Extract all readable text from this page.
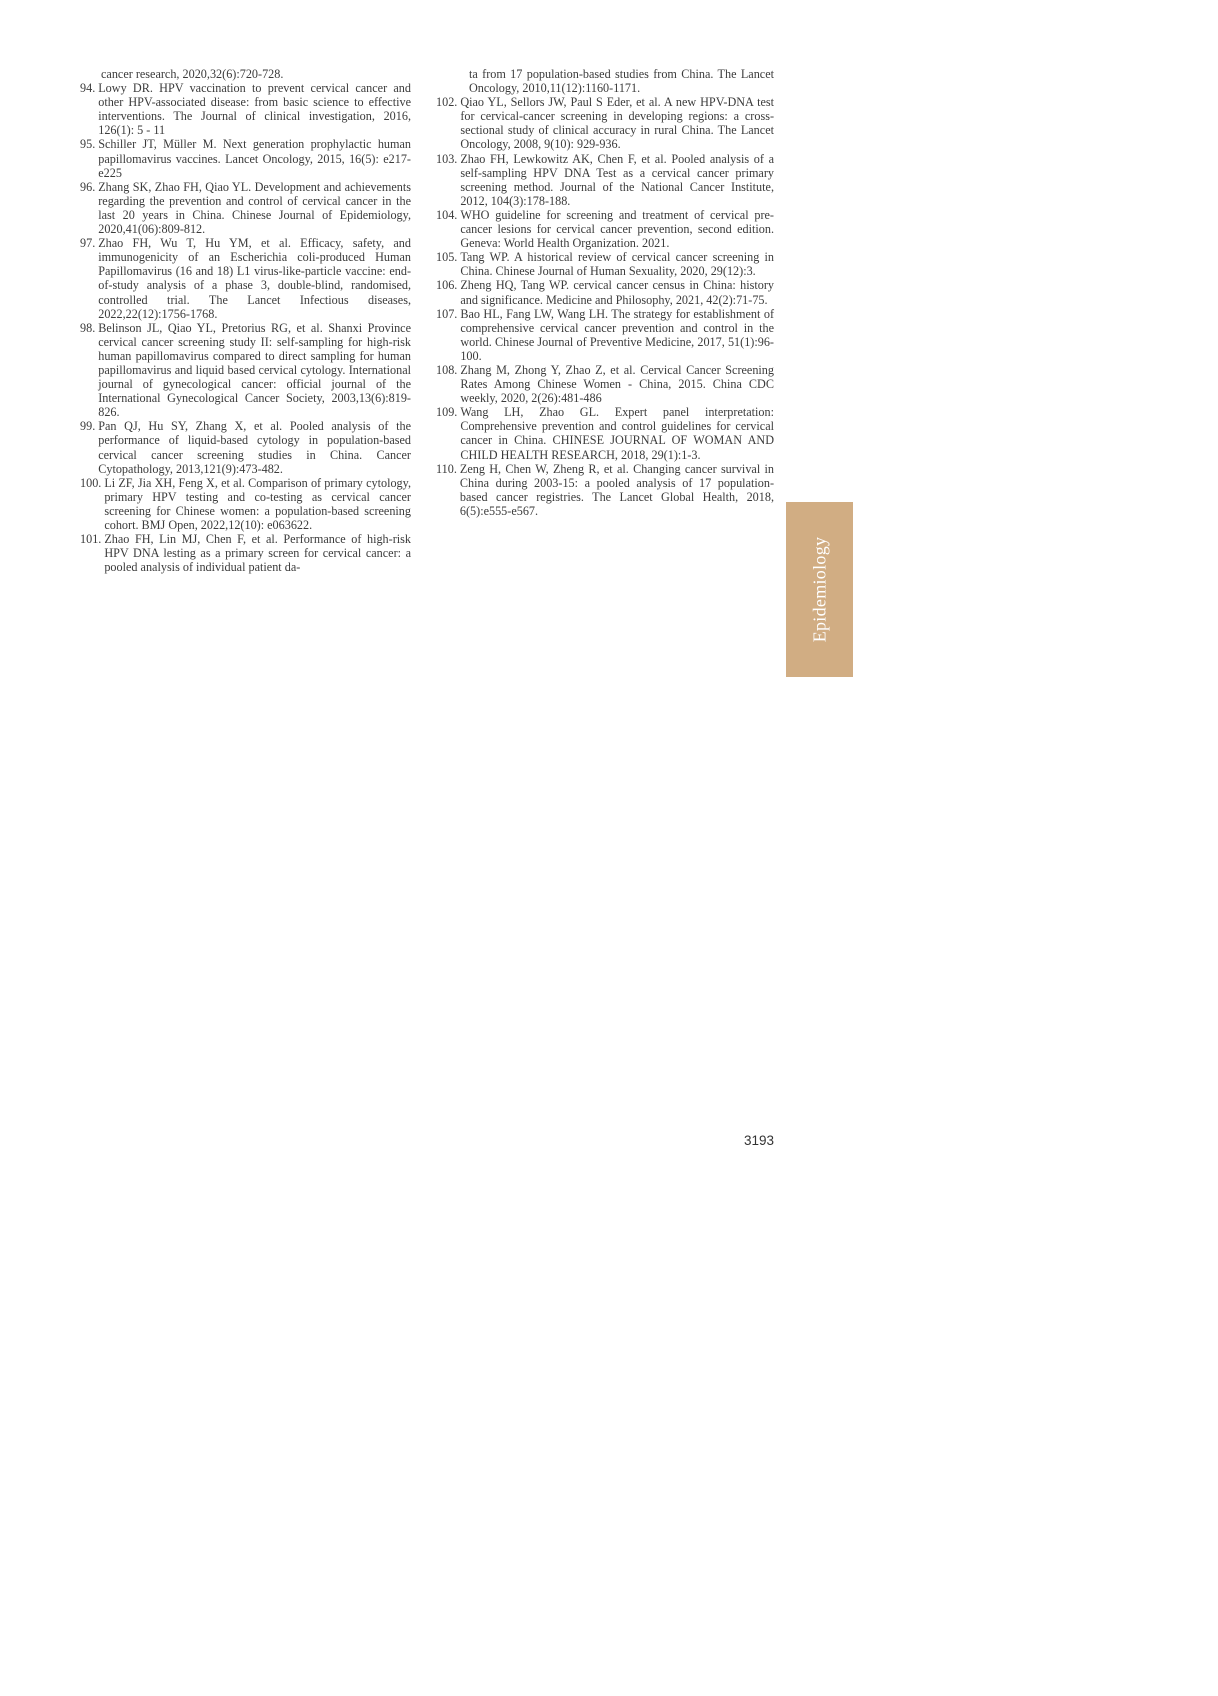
cancer research, 2020,32(6):720-728.
94. Lowy DR. HPV vaccination to prevent cervical cancer and other HPV-associated disease: from basic science to effective interventions. The Journal of clinical investigation, 2016, 126(1): 5 - 11
95. Schiller JT, Müller M. Next generation prophylactic human papillomavirus vaccines. Lancet Oncology, 2015, 16(5): e217-e225
96. Zhang SK, Zhao FH, Qiao YL. Development and achievements regarding the prevention and control of cervical cancer in the last 20 years in China. Chinese Journal of Epidemiology, 2020,41(06):809-812.
97. Zhao FH, Wu T, Hu YM, et al. Efficacy, safety, and immunogenicity of an Escherichia coli-produced Human Papillomavirus (16 and 18) L1 virus-like-particle vaccine: end-of-study analysis of a phase 3, double-blind, randomised, controlled trial. The Lancet Infectious diseases, 2022,22(12):1756-1768.
98. Belinson JL, Qiao YL, Pretorius RG, et al. Shanxi Province cervical cancer screening study II: self-sampling for high-risk human papillomavirus compared to direct sampling for human papillomavirus and liquid based cervical cytology. International journal of gynecological cancer: official journal of the International Gynecological Cancer Society, 2003,13(6):819-826.
99. Pan QJ, Hu SY, Zhang X, et al. Pooled analysis of the performance of liquid-based cytology in population-based cervical cancer screening studies in China. Cancer Cytopathology, 2013,121(9):473-482.
100. Li ZF, Jia XH, Feng X, et al. Comparison of primary cytology, primary HPV testing and co-testing as cervical cancer screening for Chinese women: a population-based screening cohort. BMJ Open, 2022,12(10): e063622.
101. Zhao FH, Lin MJ, Chen F, et al. Performance of high-risk HPV DNA lesting as a primary screen for cervical cancer: a pooled analysis of individual patient da-
ta from 17 population-based studies from China. The Lancet Oncology, 2010,11(12):1160-1171.
102. Qiao YL, Sellors JW, Paul S Eder, et al. A new HPV-DNA test for cervical-cancer screening in developing regions: a cross-sectional study of clinical accuracy in rural China. The Lancet Oncology, 2008, 9(10): 929-936.
103. Zhao FH, Lewkowitz AK, Chen F, et al. Pooled analysis of a self-sampling HPV DNA Test as a cervical cancer primary screening method. Journal of the National Cancer Institute, 2012, 104(3):178-188.
104. WHO guideline for screening and treatment of cervical pre-cancer lesions for cervical cancer prevention, second edition. Geneva: World Health Organization. 2021.
105. Tang WP. A historical review of cervical cancer screening in China. Chinese Journal of Human Sexuality, 2020, 29(12):3.
106. Zheng HQ, Tang WP. cervical cancer census in China: history and significance. Medicine and Philosophy, 2021, 42(2):71-75.
107. Bao HL, Fang LW, Wang LH. The strategy for establishment of comprehensive cervical cancer prevention and control in the world. Chinese Journal of Preventive Medicine, 2017, 51(1):96-100.
108. Zhang M, Zhong Y, Zhao Z, et al. Cervical Cancer Screening Rates Among Chinese Women - China, 2015. China CDC weekly, 2020, 2(26):481-486
109. Wang LH, Zhao GL. Expert panel interpretation: Comprehensive prevention and control guidelines for cervical cancer in China. CHINESE JOURNAL OF WOMAN AND CHILD HEALTH RESEARCH, 2018, 29(1):1-3.
110. Zeng H, Chen W, Zheng R, et al. Changing cancer survival in China during 2003-15: a pooled analysis of 17 population- based cancer registries. The Lancet Global Health, 2018, 6(5):e555-e567.
Epidemiology
3193
